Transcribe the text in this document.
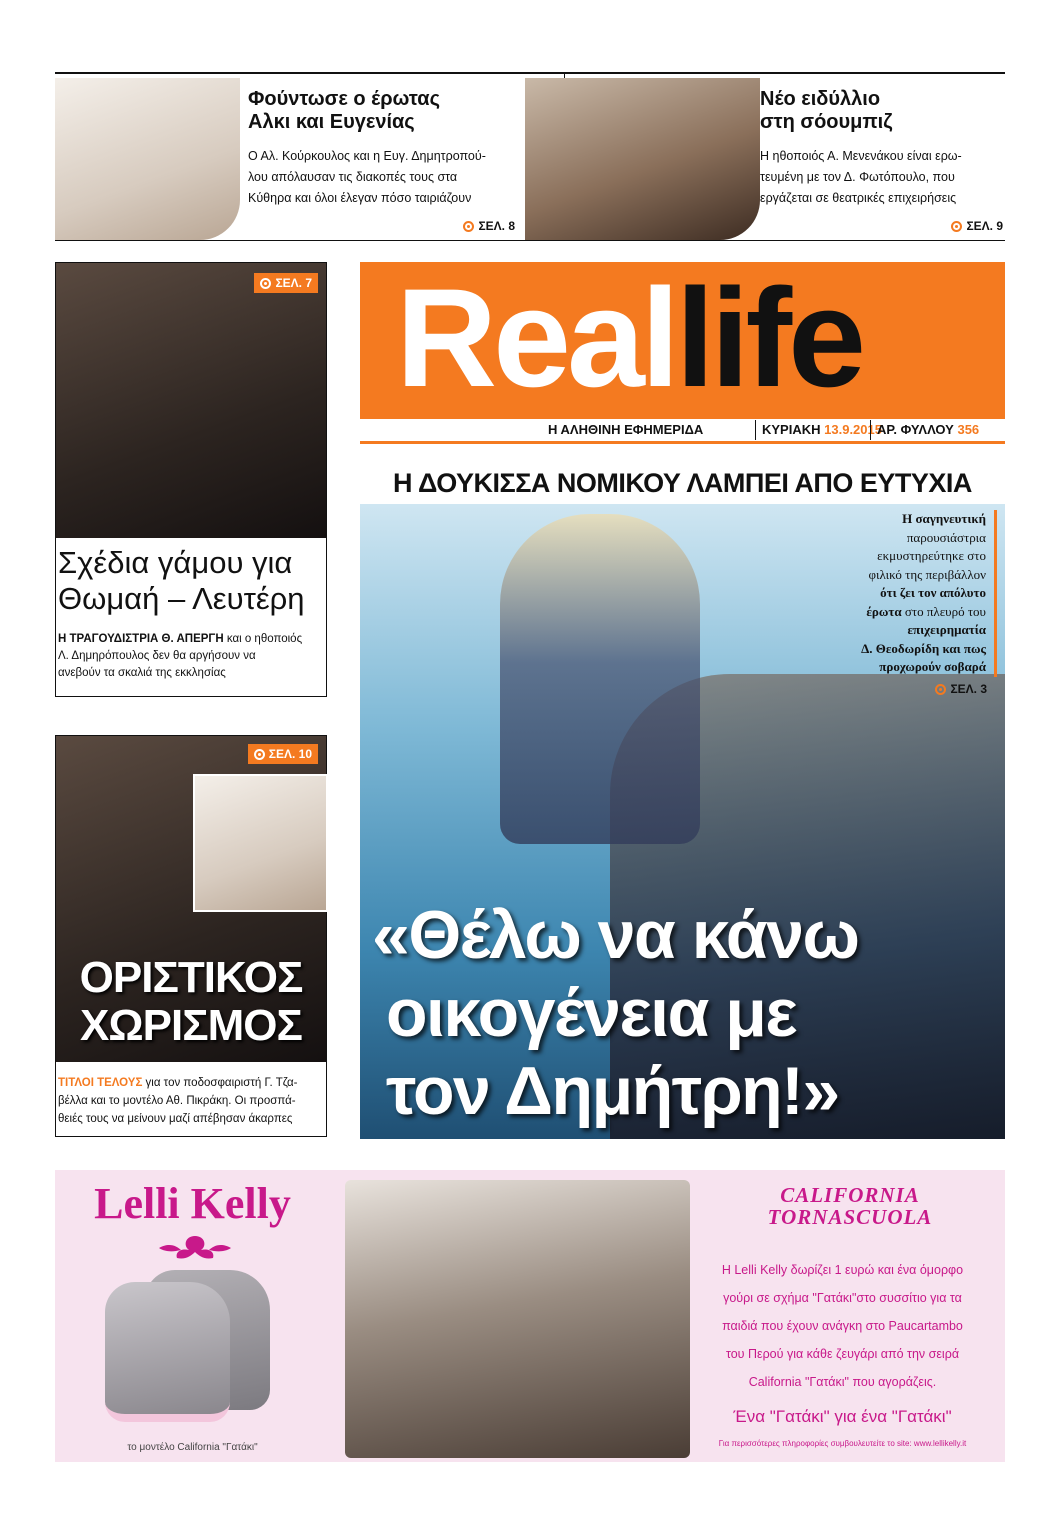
Φούντωσε ο έρωτας
Αλκι και Ευγενίας
Ο Αλ. Κούρκουλος και η Ευγ. Δημητροπού-
λου απόλαυσαν τις διακοπές τους στα
Κύθηρα και όλοι έλεγαν πόσο ταιριάζουν
ΣΕΛ. 8
Νέο ειδύλλιο
στη σόουμπιζ
Η ηθοποιός Α. Μενενάκου είναι ερω-
τευμένη με τον Δ. Φωτόπουλο, που
εργάζεται σε θεατρικές επιχειρήσεις
ΣΕΛ. 9
Reallife
Η ΑΛΗΘΙΝΗ ΕΦΗΜΕΡΙΔΑ	ΚΥΡΙΑΚΗ 13.9.2015
ΑΡ. ΦΥΛΛΟΥ 356
ΣΕΛ. 7
Σχέδια γάμου για
Θωμαή – Λευτέρη
Η ΤΡΑΓΟΥΔΙΣΤΡΙΑ Θ. ΑΠΕΡΓΗ και ο ηθοποιός
Λ. Δημηρόπουλος δεν θα αργήσουν να
ανεβούν τα σκαλιά της εκκλησίας
ΣΕΛ. 10
ΟΡΙΣΤΙΚΟΣ
ΧΩΡΙΣΜΟΣ
ΤΙΤΛΟΙ ΤΕΛΟΥΣ για τον ποδοσφαιριστή Γ. Τζα-
βέλλα και το μοντέλο Αθ. Πικράκη. Οι προσπά-
θειές τους να μείνουν μαζί απέβησαν άκαρπες
Η ΔΟΥΚΙΣΣΑ ΝΟΜΙΚΟΥ ΛΑΜΠΕΙ ΑΠΟ ΕΥΤΥΧΙΑ
Η σαγηνευτική
παρουσιάστρια
εκμυστηρεύτηκε στο
φιλικό της περιβάλλον
ότι ζει τον απόλυτο
έρωτα στο πλευρό του
επιχειρηματία
Δ. Θεοδωρίδη και πως
προχωρούν σοβαρά
ΣΕΛ. 3
«Θέλω να κάνω
οικογένεια με
τον Δημήτρη!»
Lelli Kelly
το μοντέλο California "Γατάκι"
CALIFORNIA
TORNASCUOLA
Η Lelli Kelly δωρίζει 1 ευρώ και ένα όμορφο
γούρι σε σχήμα "Γατάκι"στο συσσίτιο για τα
παιδιά που έχουν ανάγκη στο Paucartambo
του Περού για κάθε ζευγάρι από την σειρά
California "Γατάκι" που αγοράζεις.
Ένα "Γατάκι" για ένα "Γατάκι"
Για περισσότερες πληροφορίες συμβουλευτείτε το site: www.lellikelly.it
